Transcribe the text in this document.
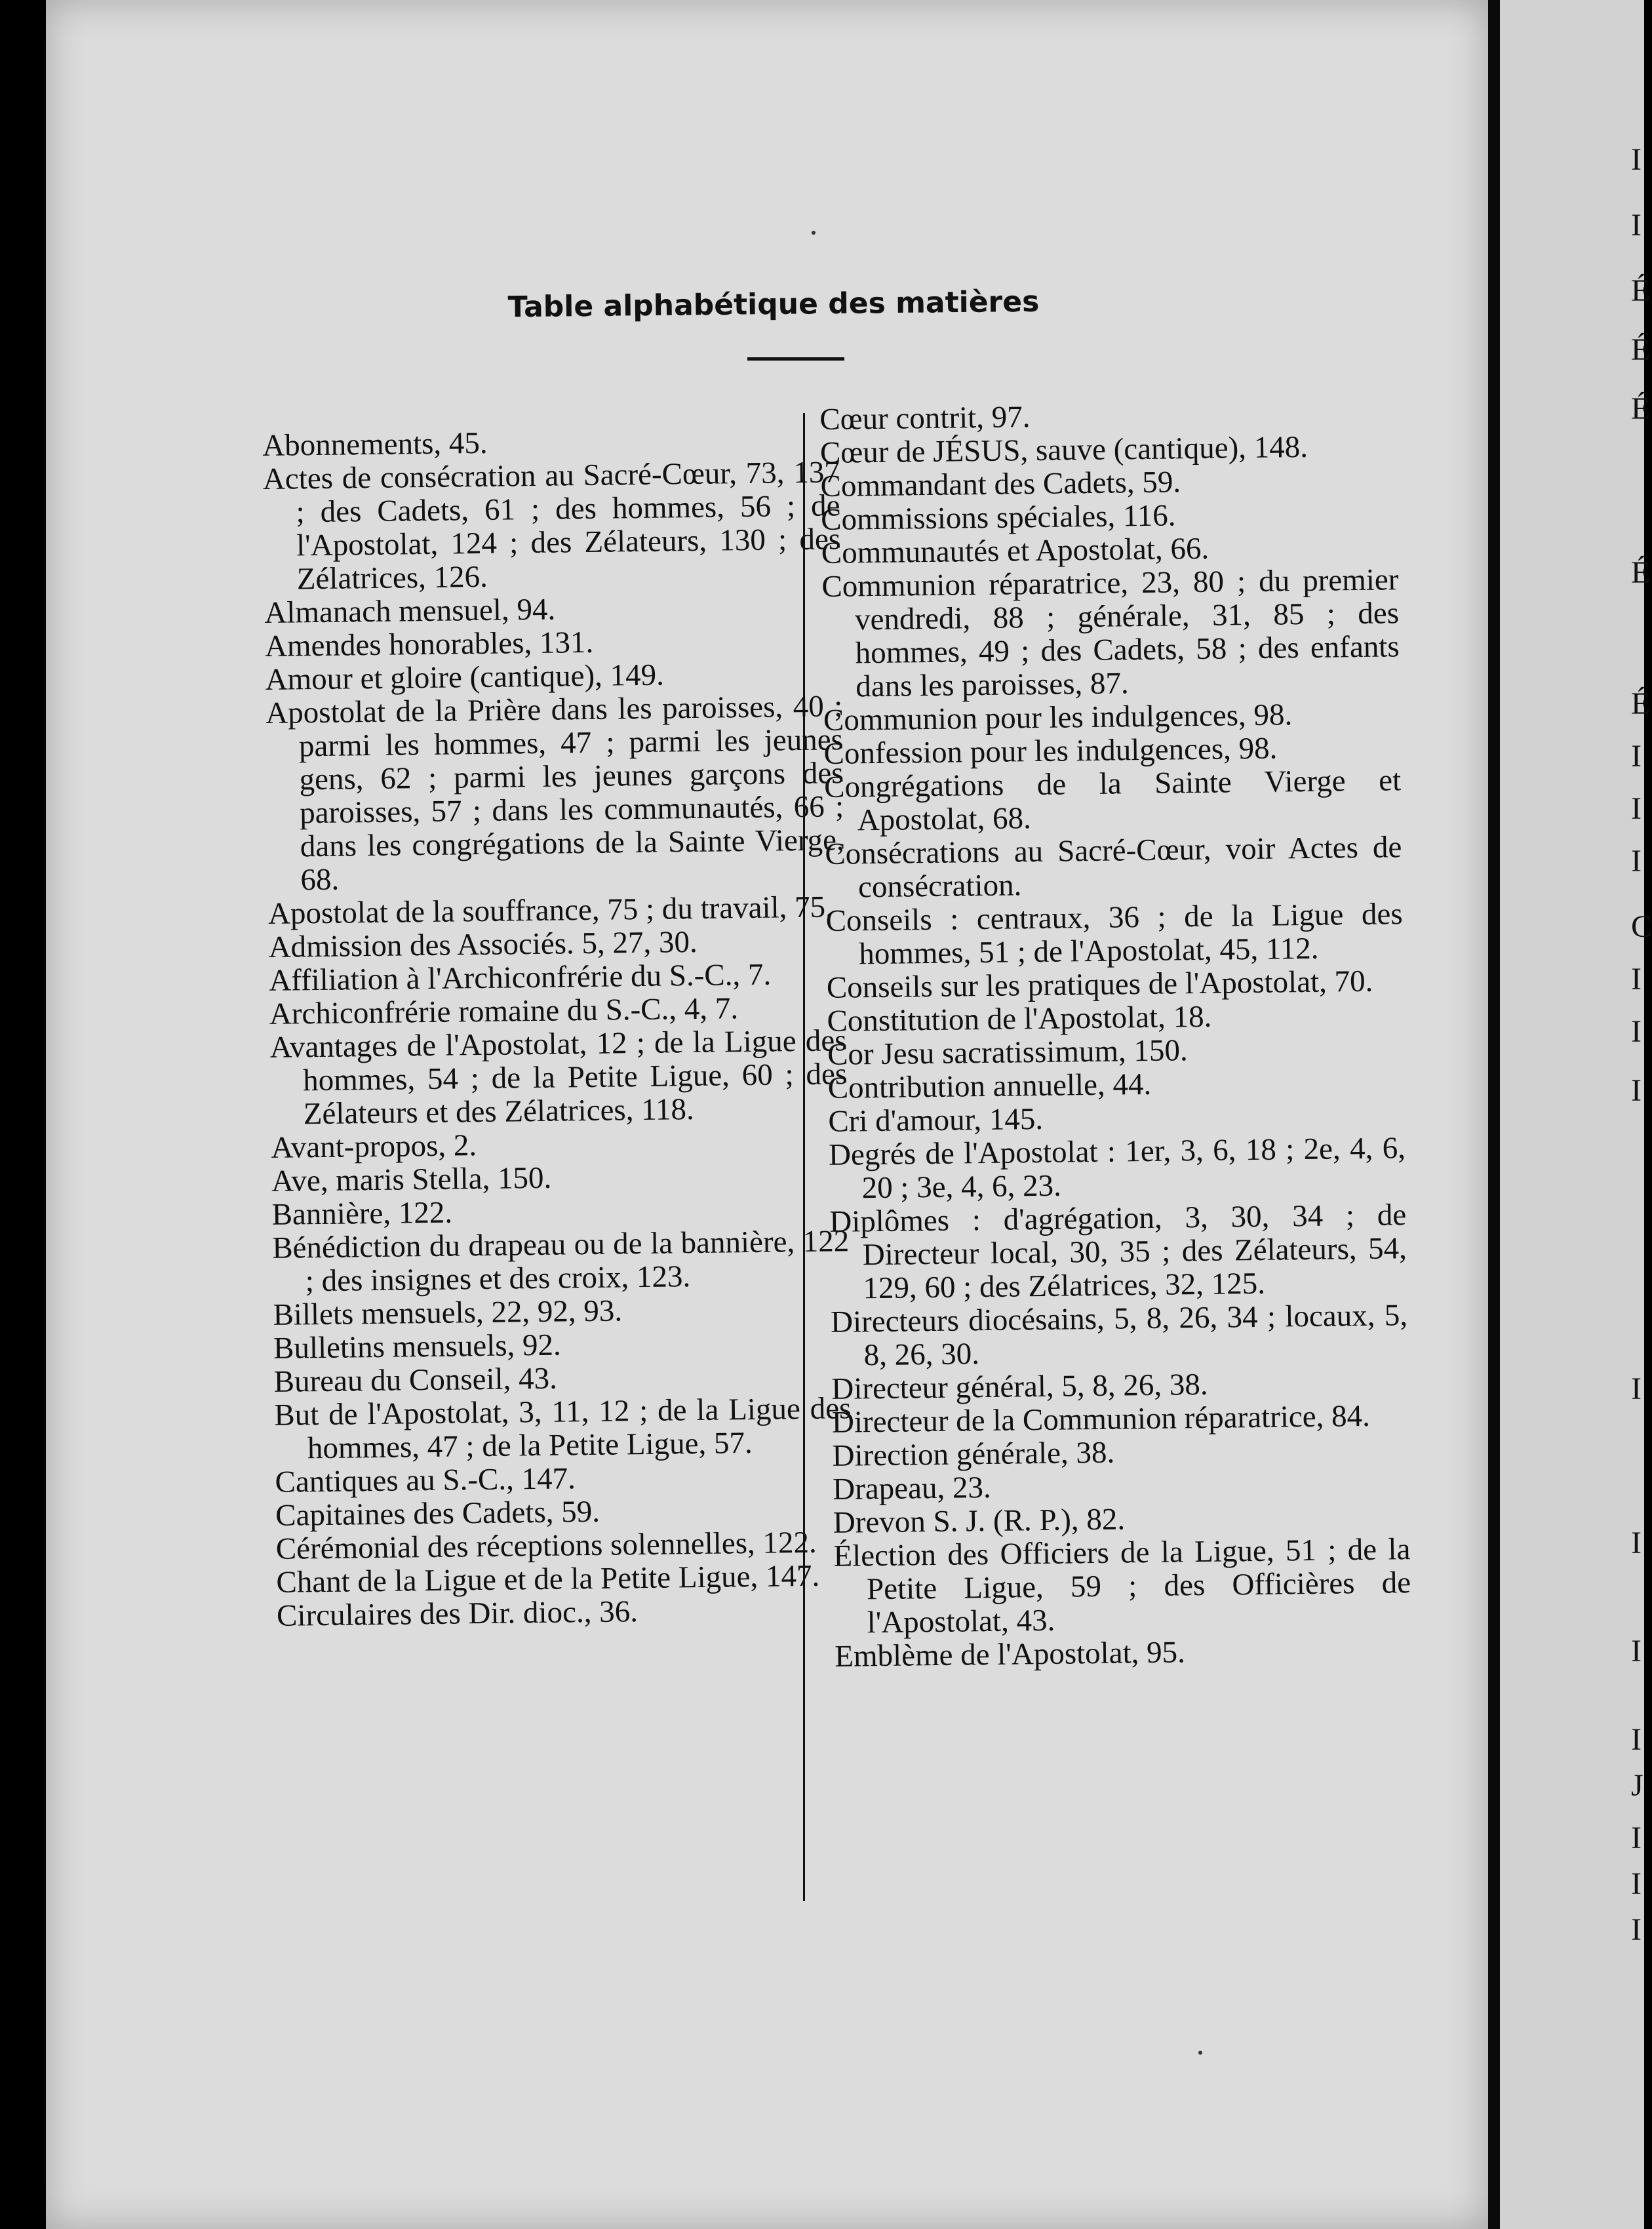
I
I
É
É
É
É
É
I
I
I
C
I
I
I
I
I
I
I
J
I
I
I
Table alphabétique des matières

Abonnements, 45.

Actes de consécration au Sacré-Cœur, 73, 137 ; des Cadets, 61 ; des hommes, 56 ; de l'Apostolat, 124 ; des Zélateurs, 130 ; des Zélatrices, 126.

Almanach mensuel, 94.

Amendes honorables, 131.

Amour et gloire (cantique), 149.

Apostolat de la Prière dans les paroisses, 40 ; parmi les hommes, 47 ; parmi les jeunes gens, 62 ; parmi les jeunes garçons des paroisses, 57 ; dans les communautés, 66 ; dans les congrégations de la Sainte Vierge, 68.

Apostolat de la souffrance, 75 ; du travail, 75.

Admission des Associés. 5, 27, 30.

Affiliation à l'Archiconfrérie du S.-C., 7.

Archiconfrérie romaine du S.-C., 4, 7.

Avantages de l'Apostolat, 12 ; de la Ligue des hommes, 54 ; de la Petite Ligue, 60 ; des Zélateurs et des Zélatrices, 118.

Avant-propos, 2.

Ave, maris Stella, 150.

Bannière, 122.

Bénédiction du drapeau ou de la bannière, 122 ; des insignes et des croix, 123.

Billets mensuels, 22, 92, 93.

Bulletins mensuels, 92.

Bureau du Conseil, 43.

But de l'Apostolat, 3, 11, 12 ; de la Ligue des hommes, 47 ; de la Petite Ligue, 57.

Cantiques au S.-C., 147.

Capitaines des Cadets, 59.

Cérémonial des réceptions solennelles, 122.

Chant de la Ligue et de la Petite Ligue, 147.

Circulaires des Dir. dioc., 36.

Cœur contrit, 97.

Cœur de JÉSUS, sauve (cantique), 148.

Commandant des Cadets, 59.

Commissions spéciales, 116.

Communautés et Apostolat, 66.

Communion réparatrice, 23, 80 ; du premier vendredi, 88 ; générale, 31, 85 ; des hommes, 49 ; des Cadets, 58 ; des enfants dans les paroisses, 87.

Communion pour les indulgences, 98.

Confession pour les indulgences, 98.

Congrégations de la Sainte Vierge et Apostolat, 68.

Consécrations au Sacré-Cœur, voir Actes de consécration.

Conseils : centraux, 36 ; de la Ligue des hommes, 51 ; de l'Apostolat, 45, 112.

Conseils sur les pratiques de l'Apostolat, 70.

Constitution de l'Apostolat, 18.

Cor Jesu sacratissimum, 150.

Contribution annuelle, 44.

Cri d'amour, 145.

Degrés de l'Apostolat : 1er, 3, 6, 18 ; 2e, 4, 6, 20 ; 3e, 4, 6, 23.

Diplômes : d'agrégation, 3, 30, 34 ; de Directeur local, 30, 35 ; des Zélateurs, 54, 129, 60 ; des Zélatrices, 32, 125.

Directeurs diocésains, 5, 8, 26, 34 ; locaux, 5, 8, 26, 30.

Directeur général, 5, 8, 26, 38.

Directeur de la Communion réparatrice, 84.

Direction générale, 38.

Drapeau, 23.

Drevon S. J. (R. P.), 82.

Élection des Officiers de la Ligue, 51 ; de la Petite Ligue, 59 ; des Officières de l'Apostolat, 43.

Emblème de l'Apostolat, 95.
